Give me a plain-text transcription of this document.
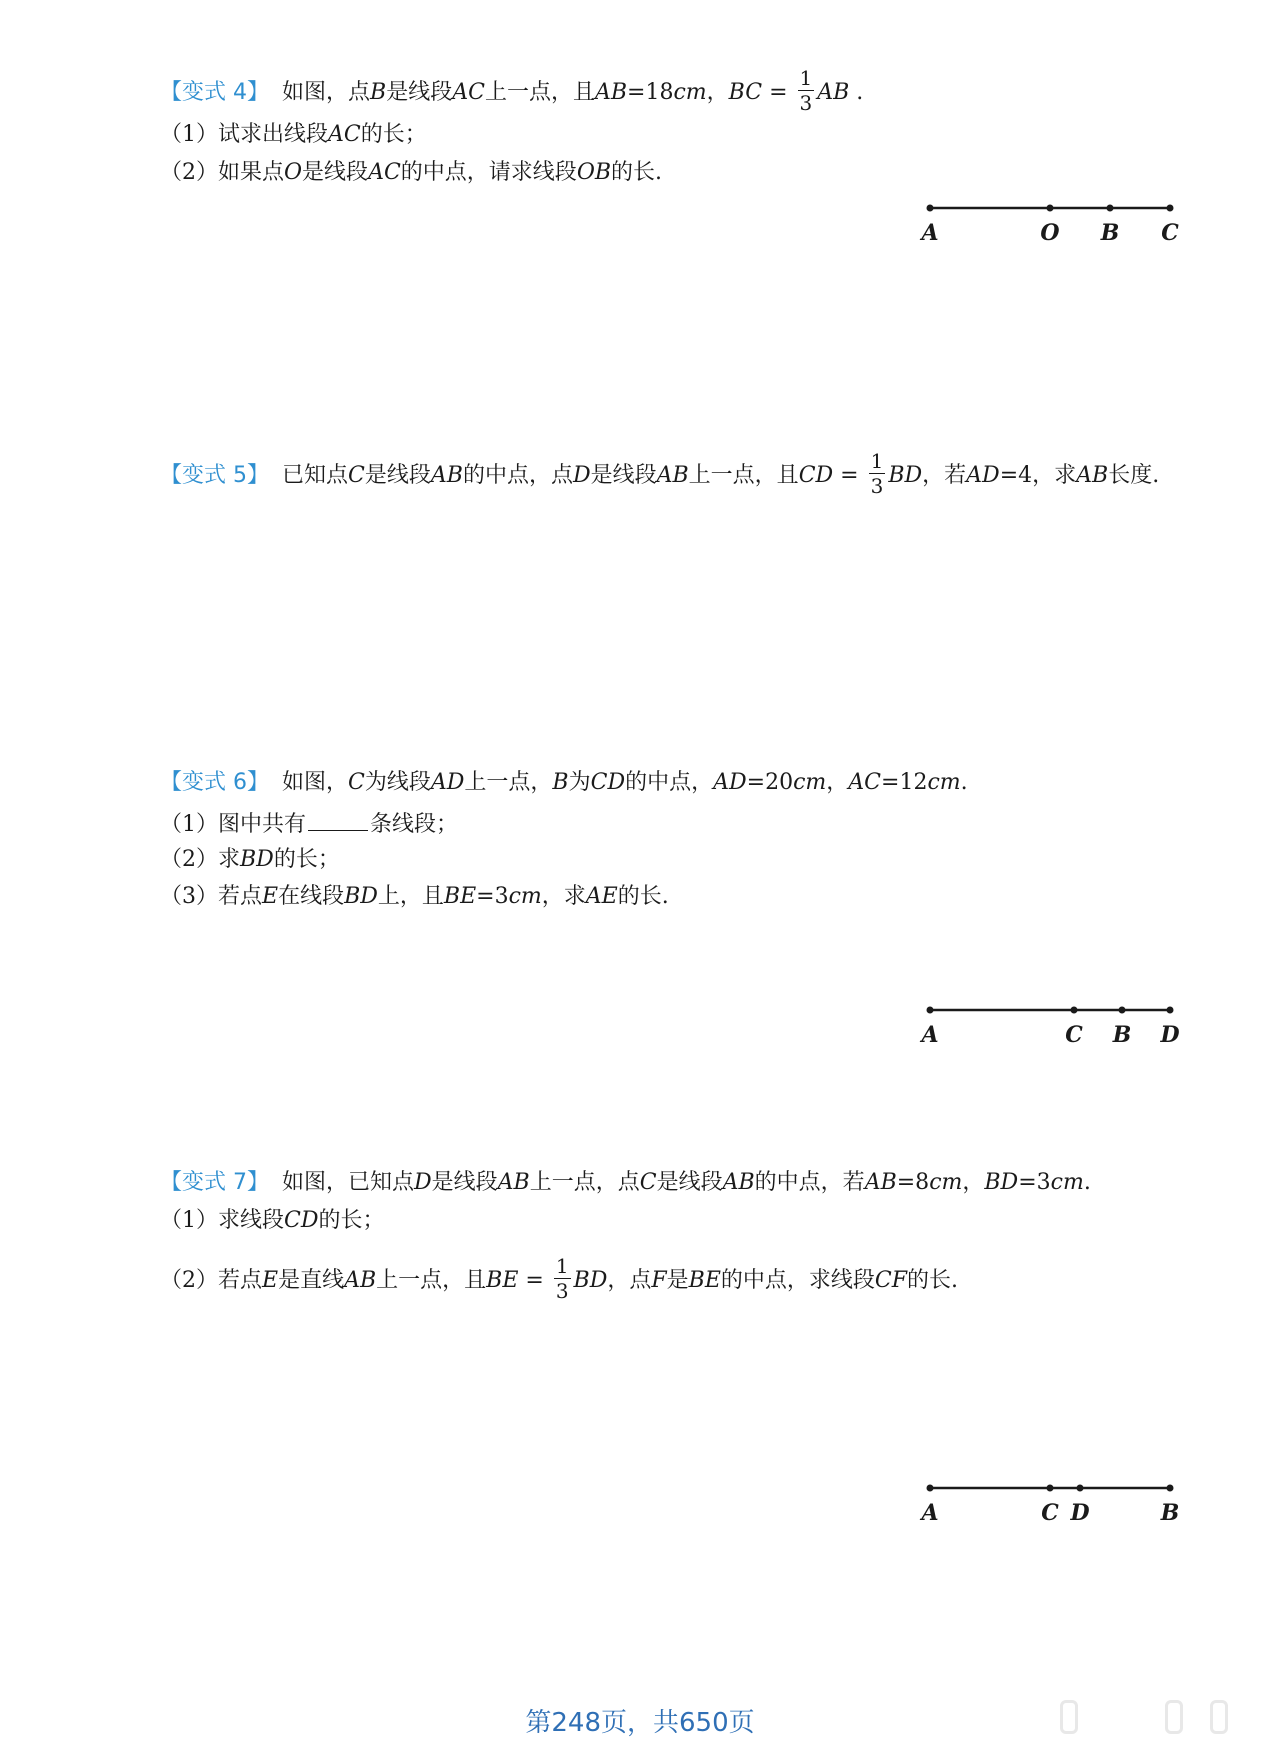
【变式 4】 如图，点B是线段AC上一点，且AB=18cm，BC = $\frac{1}{3}$ AB .
（1）试求出线段AC的长；
（2）如果点O是线段AC的中点，请求线段OB的长.
A	O B C
【变式 5】 已知点C是线段AB的中点，点D是线段AB上一点，且CD = $\frac{1}{3}$ BD，若AD=4，求AB长度.
【变式 6】 如图，C为线段AD上一点，B为CD的中点，AD=20cm，AC=12cm.
（1）图中共有	条线段；
（2）求BD的长；
（3）若点E在线段BD上，且BE=3cm，求AE的长.
A	C B D
【变式 7】 如图，已知点D是线段AB上一点，点C是线段AB的中点，若AB=8cm，BD=3cm.
（1）求线段CD的长；
（2）若点E是直线AB上一点，且BE = $\frac{1}{3}$ BD，点F是BE的中点，求线段CF的长.
A	C D	B
第248页，共650页
